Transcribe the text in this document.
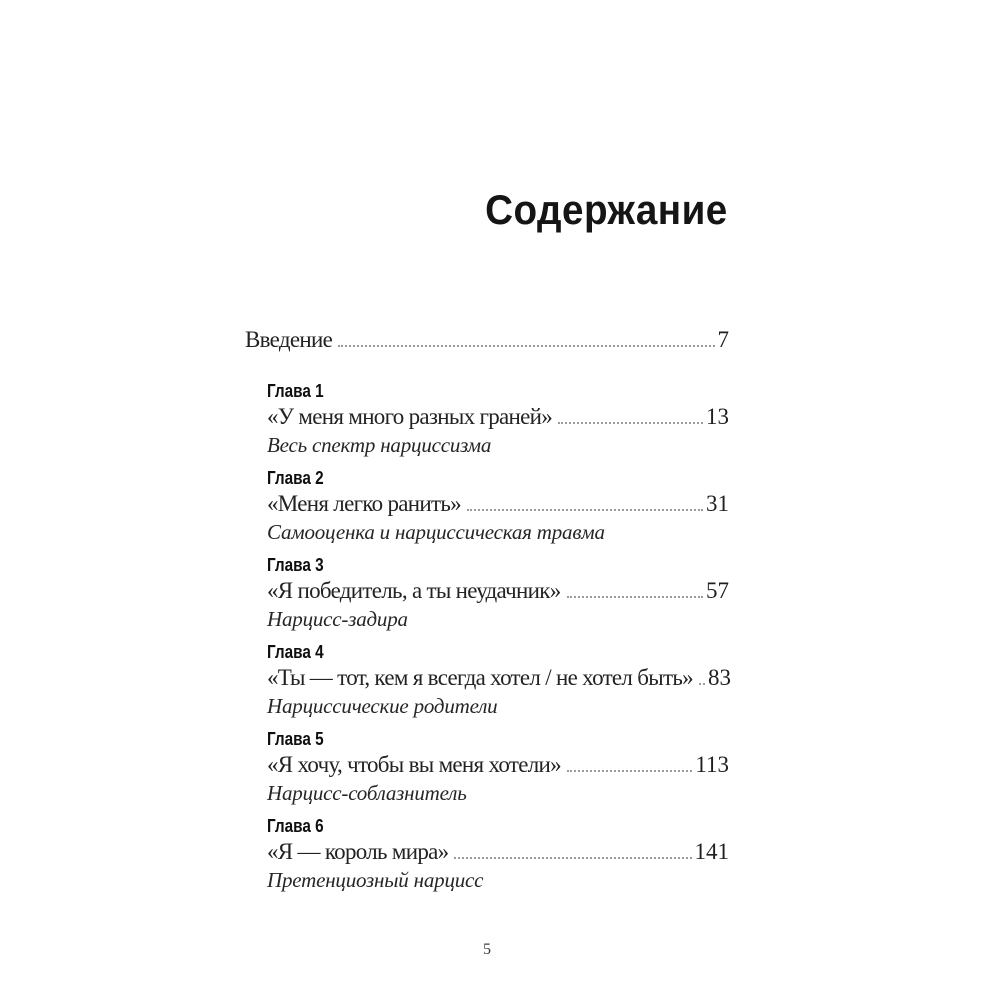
Содержание
Введение	7
Глава 1
«У меня много разных граней»	13
Весь спектр нарциссизма
Глава 2
«Меня легко ранить»	31
Самооценка и нарциссическая травма
Глава 3
«Я победитель, а ты неудачник»	57
Нарцисс-задира
Глава 4
«Ты — тот, кем я всегда хотел / не хотел быть» 83
Нарциссические родители
Глава 5
«Я хочу, чтобы вы меня хотели»	113
Нарцисс-соблазнитель
Глава 6
«Я — король мира»	141
Претенциозный нарцисс
5
